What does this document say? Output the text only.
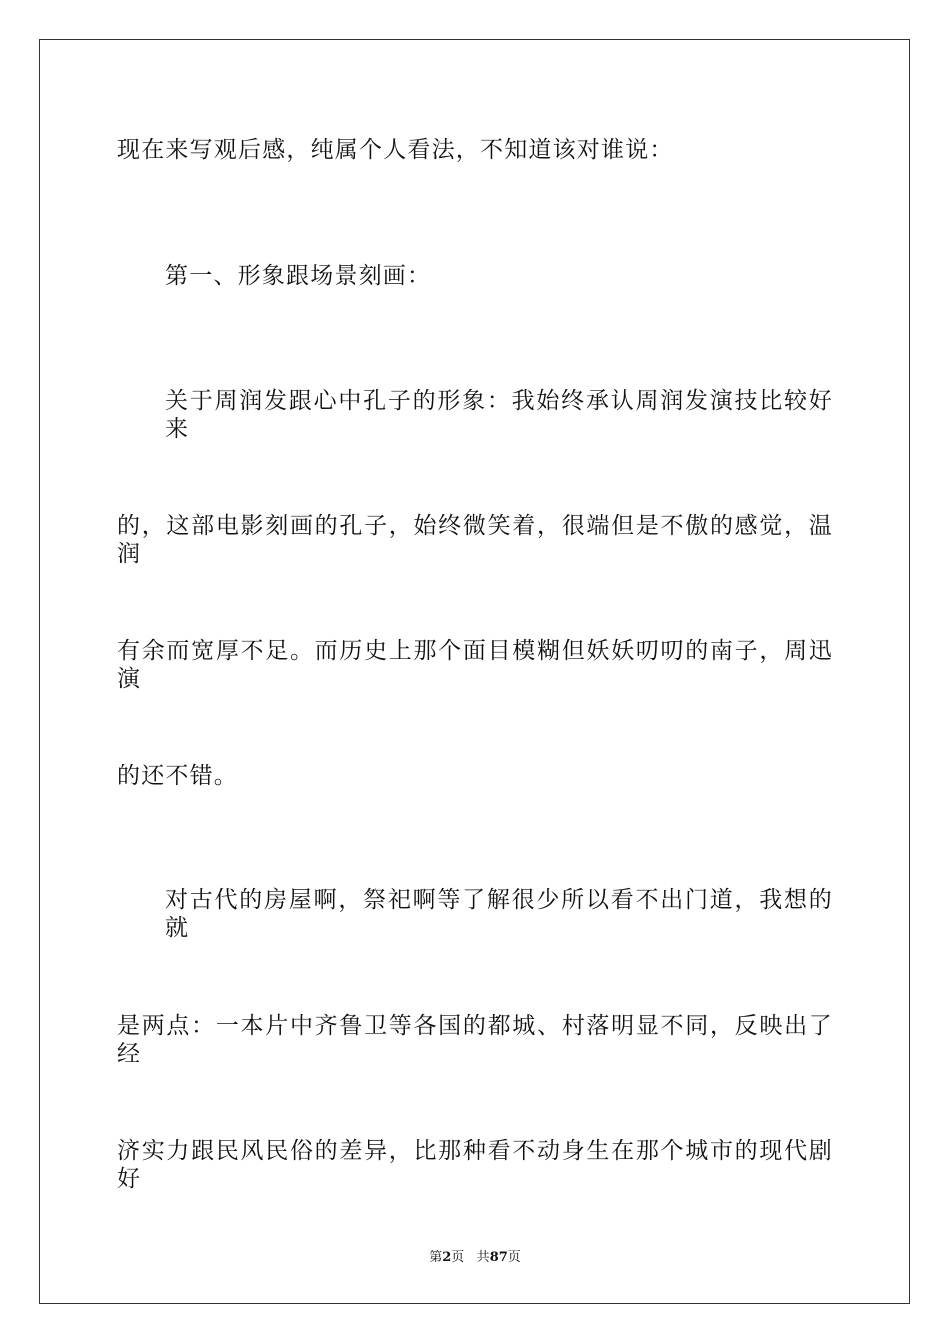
现在来写观后感，纯属个人看法，不知道该对谁说：
第一、形象跟场景刻画：
关于周润发跟心中孔子的形象：我始终承认周润发演技比较好来
的，这部电影刻画的孔子，始终微笑着，很端但是不傲的感觉，温润
有余而宽厚不足。而历史上那个面目模糊但妖妖叨叨的南子，周迅演
的还不错。
对古代的房屋啊，祭祀啊等了解很少所以看不出门道，我想的就
是两点：一本片中齐鲁卫等各国的都城、村落明显不同，反映出了经
济实力跟民风民俗的差异，比那种看不动身生在那个城市的现代剧好
第2页 共87页
